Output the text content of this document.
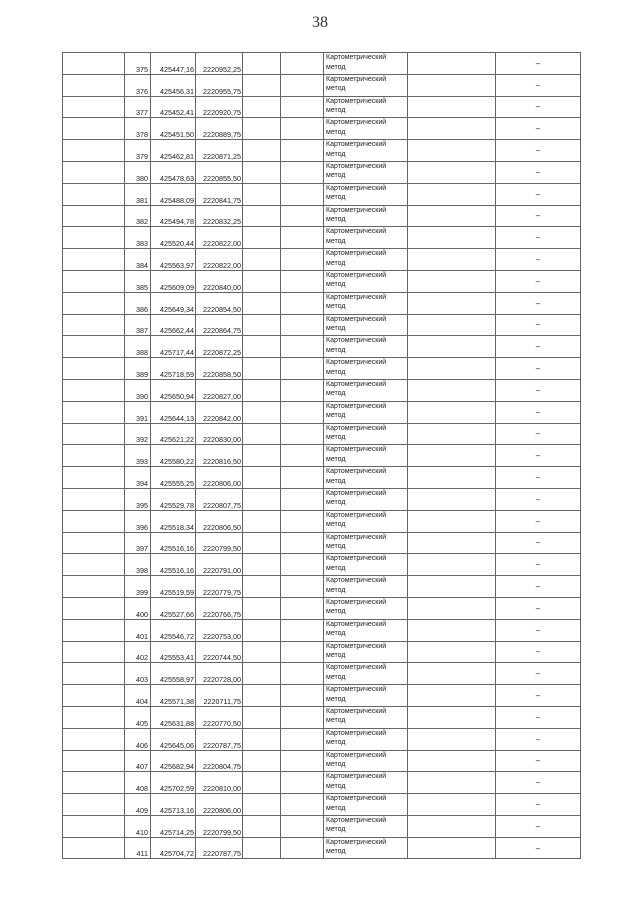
38
	375	425447,16	2220952,25			Картометрический метод		–
	376	425456,31	2220955,75			Картометрический метод		–
	377	425452,41	2220920,75			Картометрический метод		–
	378	425451,50	2220889,75			Картометрический метод		–
	379	425462,81	2220871,25			Картометрический метод		–
	380	425478,63	2220855,50			Картометрический метод		–
	381	425488,09	2220841,75			Картометрический метод		–
	382	425494,78	2220832,25			Картометрический метод		–
	383	425520,44	2220822,00			Картометрический метод		–
	384	425563,97	2220822,00			Картометрический метод		–
	385	425609,09	2220840,00			Картометрический метод		–
	386	425649,34	2220854,50			Картометрический метод		–
	387	425662,44	2220864,75			Картометрический метод		–
	388	425717,44	2220872,25			Картометрический метод		–
	389	425718,59	2220858,50			Картометрический метод		–
	390	425650,94	2220827,00			Картометрический метод		–
	391	425644,13	2220842,00			Картометрический метод		–
	392	425621,22	2220830,00			Картометрический метод		–
	393	425580,22	2220816,50			Картометрический метод		–
	394	425555,25	2220806,00			Картометрический метод		–
	395	425529,78	2220807,75			Картометрический метод		–
	396	425518,34	2220806,50			Картометрический метод		–
	397	425516,16	2220799,50			Картометрический метод		–
	398	425516,16	2220791,00			Картометрический метод		–
	399	425519,59	2220779,75			Картометрический метод		–
	400	425527,66	2220766,75			Картометрический метод		–
	401	425546,72	2220753,00			Картометрический метод		–
	402	425553,41	2220744,50			Картометрический метод		–
	403	425558,97	2220728,00			Картометрический метод		–
	404	425571,38	2220711,75			Картометрический метод		–
	405	425631,88	2220770,50			Картометрический метод		–
	406	425645,06	2220787,75			Картометрический метод		–
	407	425682,94	2220804,75			Картометрический метод		–
	408	425702,59	2220810,00			Картометрический метод		–
	409	425713,16	2220806,00			Картометрический метод		–
	410	425714,25	2220799,50			Картометрический метод		–
	411	425704,72	2220787,75			Картометрический метод		–
